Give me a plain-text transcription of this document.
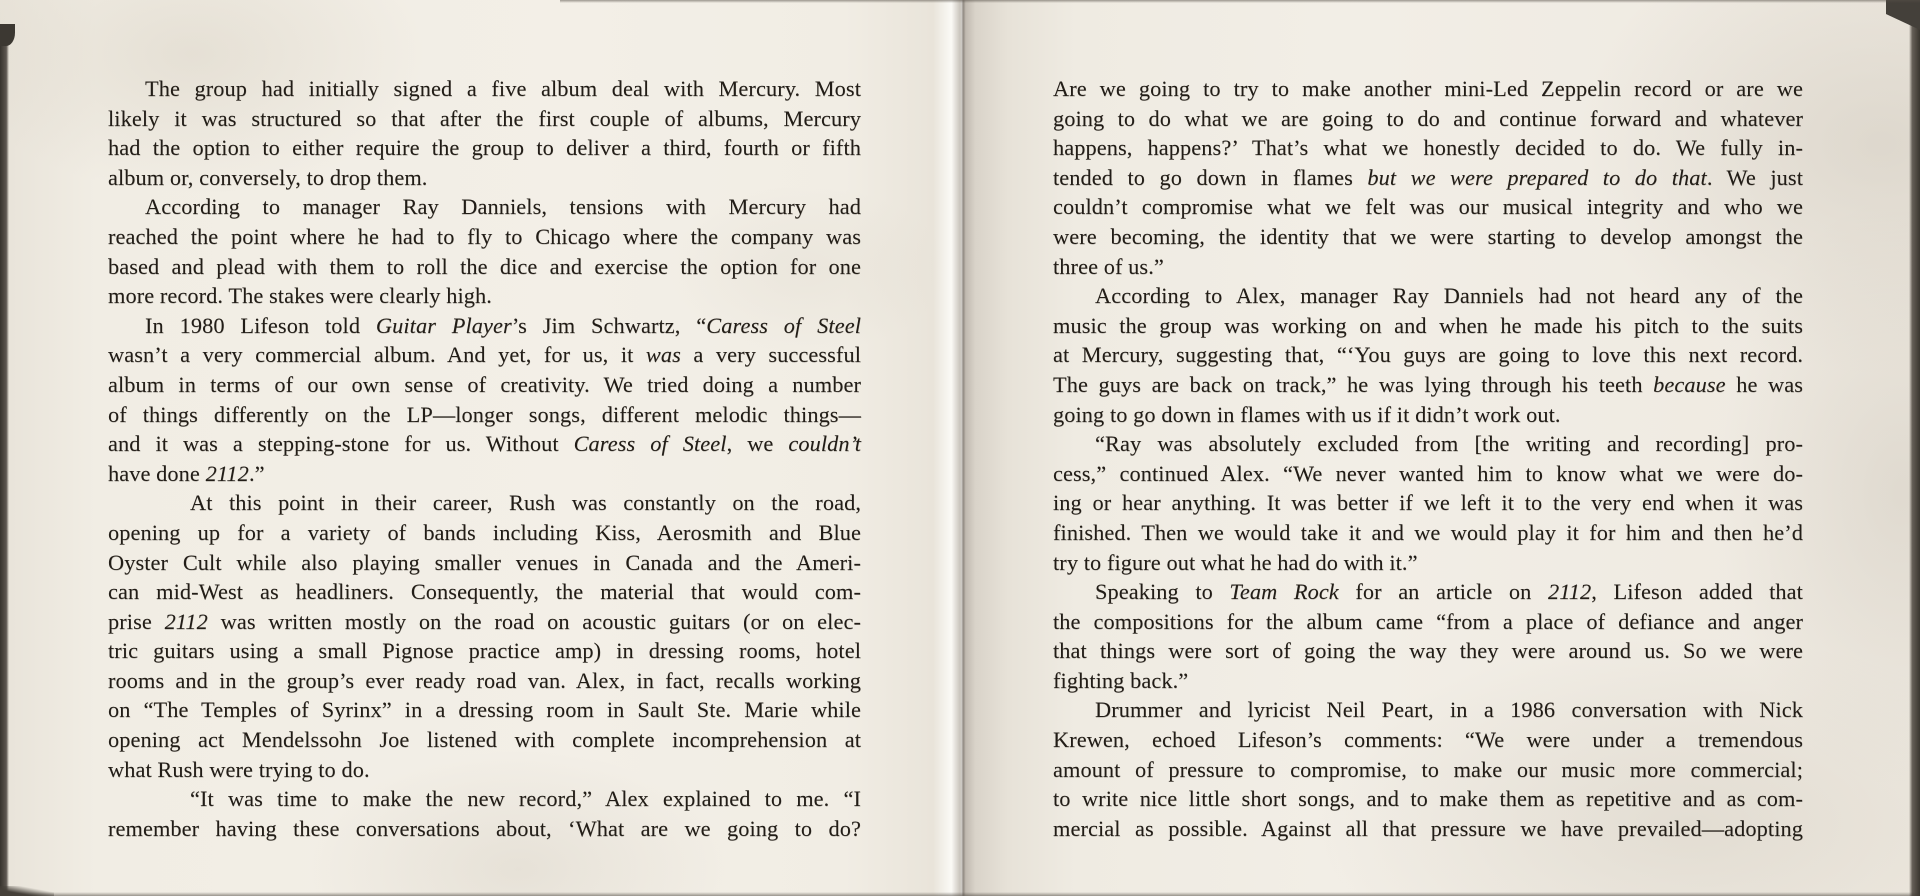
The group had initially signed a five album deal with Mercury. Most
likely it was structured so that after the first couple of albums, Mercury
had the option to either require the group to deliver a third, fourth or fifth
album or, conversely, to drop them.
According to manager Ray Danniels, tensions with Mercury had
reached the point where he had to fly to Chicago where the company was
based and plead with them to roll the dice and exercise the option for one
more record. The stakes were clearly high.
In 1980 Lifeson told Guitar Player’s Jim Schwartz, “Caress of Steel
wasn’t a very commercial album. And yet, for us, it was a very successful
album in terms of our own sense of creativity. We tried doing a number
of things differently on the LP—longer songs, different melodic things—
and it was a stepping-stone for us. Without Caress of Steel, we couldn’t
have done 2112.”
At this point in their career, Rush was constantly on the road,
opening up for a variety of bands including Kiss, Aerosmith and Blue
Oyster Cult while also playing smaller venues in Canada and the Ameri-
can mid-West as headliners. Consequently, the material that would com-
prise 2112 was written mostly on the road on acoustic guitars (or on elec-
tric guitars using a small Pignose practice amp) in dressing rooms, hotel
rooms and in the group’s ever ready road van. Alex, in fact, recalls working
on “The Temples of Syrinx” in a dressing room in Sault Ste. Marie while
opening act Mendelssohn Joe listened with complete incomprehension at
what Rush were trying to do.
“It was time to make the new record,” Alex explained to me. “I
remember having these conversations about, ‘What are we going to do?
Are we going to try to make another mini-Led Zeppelin record or are we
going to do what we are going to do and continue forward and whatever
happens, happens?’ That’s what we honestly decided to do. We fully in-
tended to go down in flames but we were prepared to do that. We just
couldn’t compromise what we felt was our musical integrity and who we
were becoming, the identity that we were starting to develop amongst the
three of us.”
According to Alex, manager Ray Danniels had not heard any of the
music the group was working on and when he made his pitch to the suits
at Mercury, suggesting that, “‘You guys are going to love this next record.
The guys are back on track,” he was lying through his teeth because he was
going to go down in flames with us if it didn’t work out.
“Ray was absolutely excluded from [the writing and recording] pro-
cess,” continued Alex. “We never wanted him to know what we were do-
ing or hear anything. It was better if we left it to the very end when it was
finished. Then we would take it and we would play it for him and then he’d
try to figure out what he had do with it.”
Speaking to Team Rock for an article on 2112, Lifeson added that
the compositions for the album came “from a place of defiance and anger
that things were sort of going the way they were around us. So we were
fighting back.”
Drummer and lyricist Neil Peart, in a 1986 conversation with Nick
Krewen, echoed Lifeson’s comments: “We were under a tremendous
amount of pressure to compromise, to make our music more commercial;
to write nice little short songs, and to make them as repetitive and as com-
mercial as possible. Against all that pressure we have prevailed—adopting
